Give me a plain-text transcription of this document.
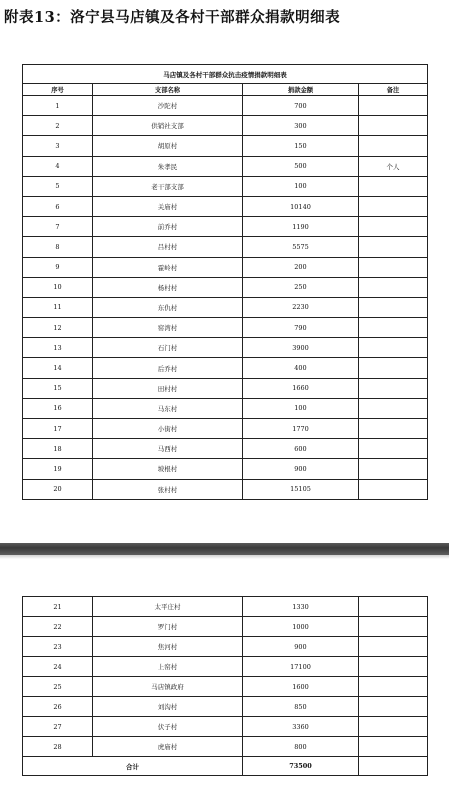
附表13：洛宁县马店镇及各村干部群众捐款明细表
马店镇及各村干部群众抗击疫情捐款明细表			
序号	支部名称	捐款金额	备注
1	沙陀村	700	
2	供销社支部	300	
3	胡原村	150	
4	朱孝民	500	个人
5	老干部支部	100	
6	关庙村	10140	
7	前乔村	1190	
8	吕村村	5575	
9	霍岭村	200	
10	杨村村	250	
11	东仇村	2230	
12	窑湾村	790	
13	石门村	3900	
14	后乔村	400	
15	田村村	1660	
16	马东村	100	
17	小街村	1770	
18	马西村	600	
19	坡根村	900	
20	张村村	15105	
21	太平庄村	1330	
22	罗门村	1000	
23	焦河村	900	
24	上窑村	17100	
25	马店镇政府	1600	
26	刘沟村	850	
27	伏子村	3360	
28	虎庙村	800	
合计		73500	
